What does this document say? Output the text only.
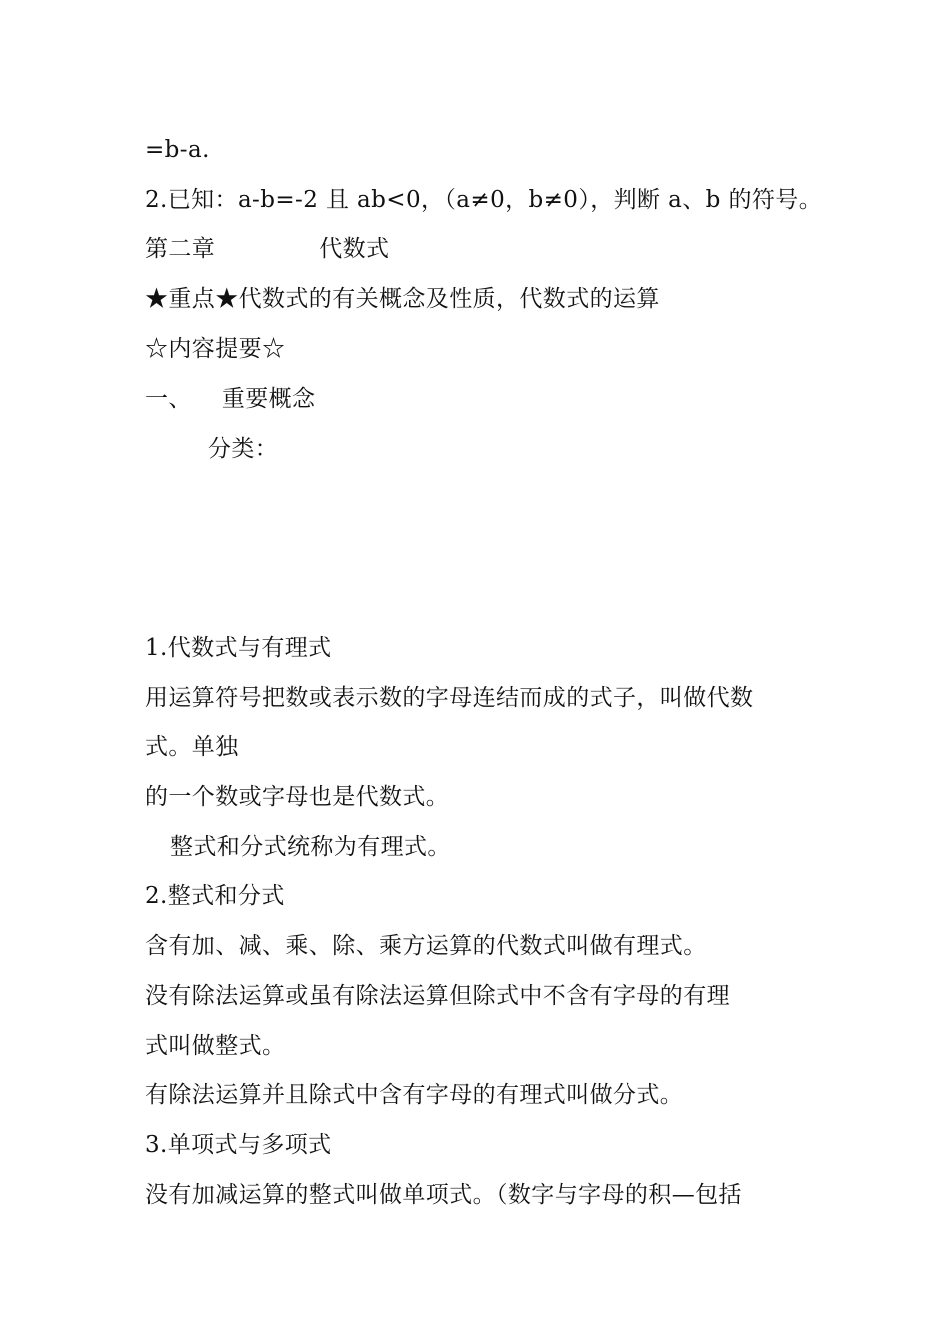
=b-a.
2.已知：a-b=-2 且 ab<0，（a≠0，b≠0），判断 a、b 的符号。
第二章	代数式
★重点★代数式的有关概念及性质，代数式的运算
☆内容提要☆
一、 重要概念
分类：
1.代数式与有理式
用运算符号把数或表示数的字母连结而成的式子，叫做代数
式。单独
的一个数或字母也是代数式。
整式和分式统称为有理式。
2.整式和分式
含有加、减、乘、除、乘方运算的代数式叫做有理式。
没有除法运算或虽有除法运算但除式中不含有字母的有理
式叫做整式。
有除法运算并且除式中含有字母的有理式叫做分式。
3.单项式与多项式
没有加减运算的整式叫做单项式。（数字与字母的积—包括
